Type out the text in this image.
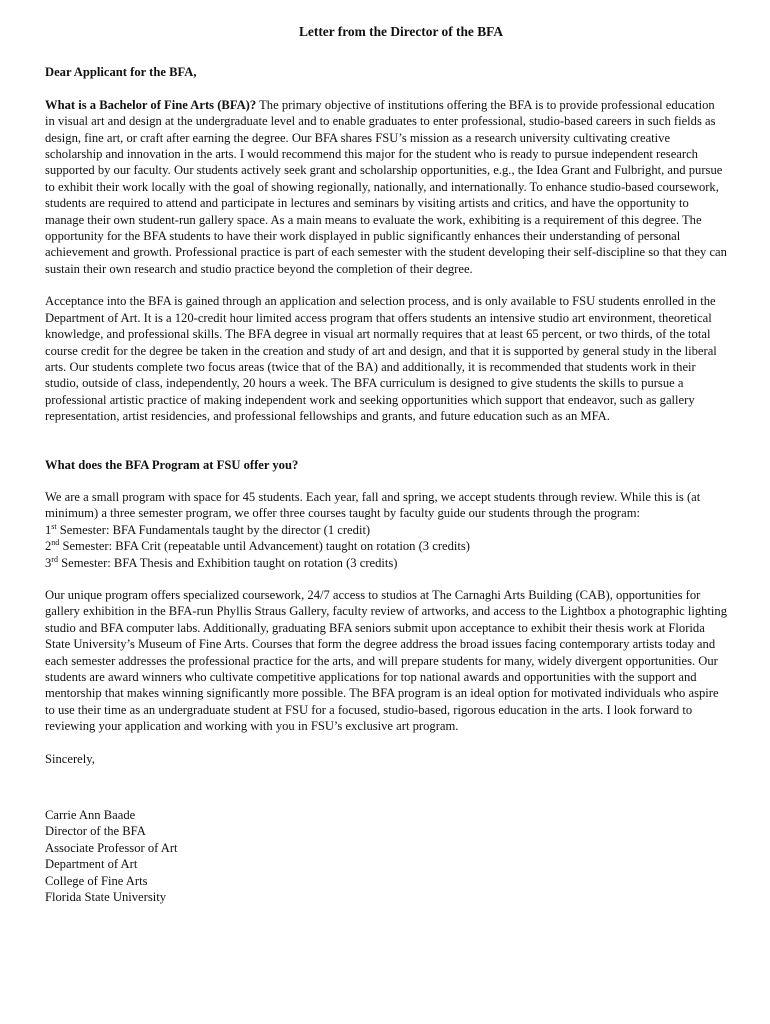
Letter from the Director of the BFA
Dear Applicant for the BFA,

What is a Bachelor of Fine Arts (BFA)? The primary objective of institutions offering the BFA is to provide professional education in visual art and design at the undergraduate level and to enable graduates to enter professional, studio-based careers in such fields as design, fine art, or craft after earning the degree. Our BFA shares FSU’s mission as a research university cultivating creative scholarship and innovation in the arts. I would recommend this major for the student who is ready to pursue independent research supported by our faculty. Our students actively seek grant and scholarship opportunities, e.g., the Idea Grant and Fulbright, and pursue to exhibit their work locally with the goal of showing regionally, nationally, and internationally. To enhance studio-based coursework, students are required to attend and participate in lectures and seminars by visiting artists and critics, and have the opportunity to manage their own student-run gallery space. As a main means to evaluate the work, exhibiting is a requirement of this degree. The opportunity for the BFA students to have their work displayed in public significantly enhances their understanding of personal achievement and growth. Professional practice is part of each semester with the student developing their self-discipline so that they can sustain their own research and studio practice beyond the completion of their degree.

Acceptance into the BFA is gained through an application and selection process, and is only available to FSU students enrolled in the Department of Art. It is a 120-credit hour limited access program that offers students an intensive studio art environment, theoretical knowledge, and professional skills. The BFA degree in visual art normally requires that at least 65 percent, or two thirds, of the total course credit for the degree be taken in the creation and study of art and design, and that it is supported by general study in the liberal arts. Our students complete two focus areas (twice that of the BA) and additionally, it is recommended that students work in their studio, outside of class, independently, 20 hours a week. The BFA curriculum is designed to give students the skills to pursue a professional artistic practice of making independent work and seeking opportunities which support that endeavor, such as gallery representation, artist residencies, and professional fellowships and grants, and future education such as an MFA.

What does the BFA Program at FSU offer you?
We are a small program with space for 45 students. Each year, fall and spring, we accept students through review. While this is (at minimum) a three semester program, we offer three courses taught by faculty guide our students through the program:
1st Semester: BFA Fundamentals taught by the director (1 credit)
2nd Semester: BFA Crit (repeatable until Advancement) taught on rotation (3 credits)
3rd Semester: BFA Thesis and Exhibition taught on rotation (3 credits)

Our unique program offers specialized coursework, 24/7 access to studios at The Carnaghi Arts Building (CAB), opportunities for gallery exhibition in the BFA-run Phyllis Straus Gallery, faculty review of artworks, and access to the Lightbox a photographic lighting studio and BFA computer labs. Additionally, graduating BFA seniors submit upon acceptance to exhibit their thesis work at Florida State University’s Museum of Fine Arts. Courses that form the degree address the broad issues facing contemporary artists today and each semester addresses the professional practice for the arts, and will prepare students for many, widely divergent opportunities. Our students are award winners who cultivate competitive applications for top national awards and opportunities with the support and mentorship that makes winning significantly more possible. The BFA program is an ideal option for motivated individuals who aspire to use their time as an undergraduate student at FSU for a focused, studio-based, rigorous education in the arts. I look forward to reviewing your application and working with you in FSU’s exclusive art program.

Sincerely,
Carrie Ann Baade
Director of the BFA
Associate Professor of Art
Department of Art
College of Fine Arts
Florida State University
